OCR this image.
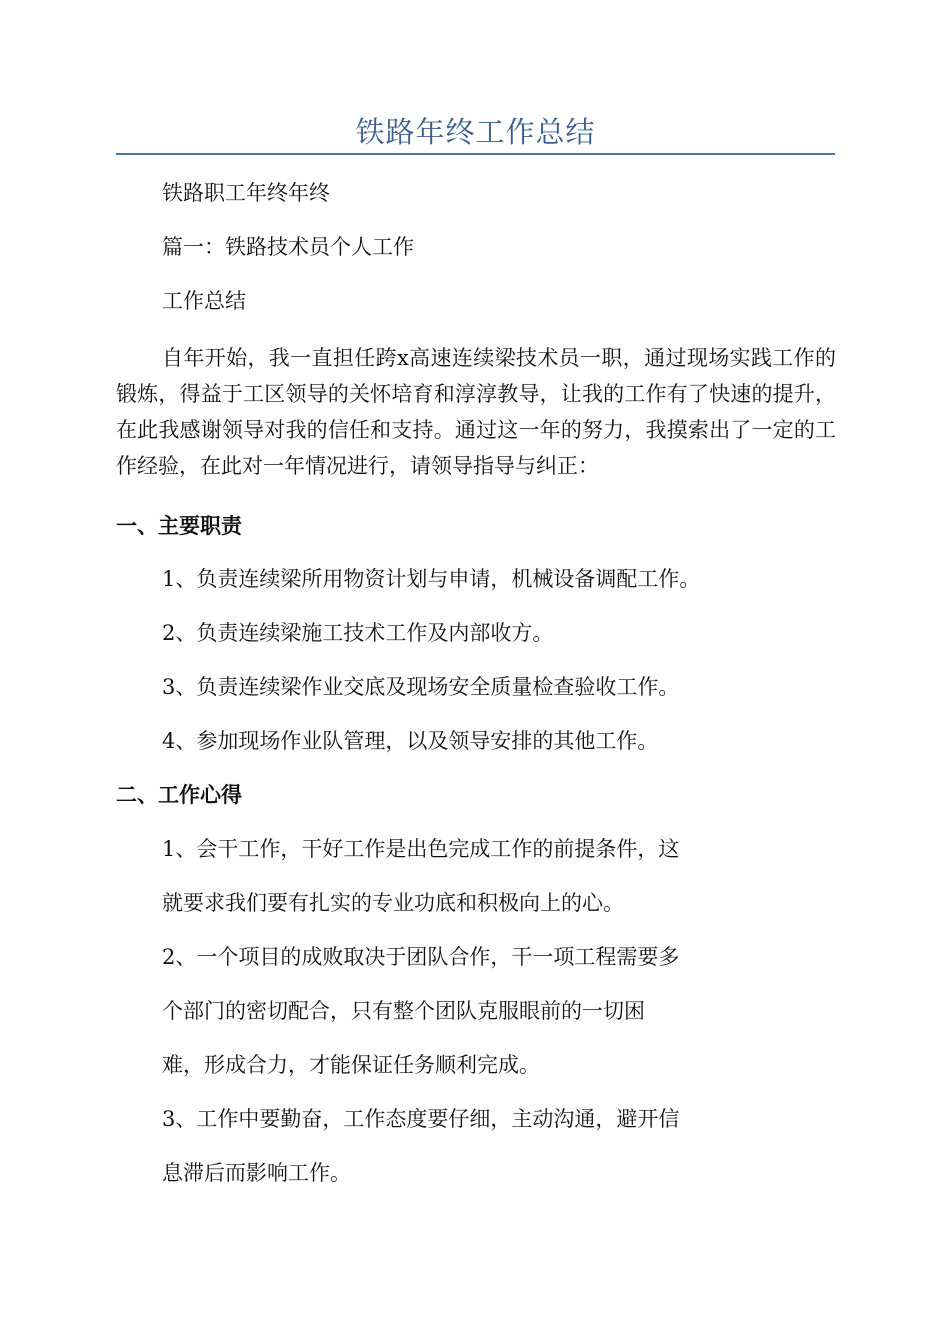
铁路年终工作总结
铁路职工年终年终
篇一：铁路技术员个人工作
工作总结

自年开始，我一直担任跨x高速连续梁技术员一职，通过现场实践工作的锻炼，得益于工区领导的关怀培育和淳淳教导，让我的工作有了快速的提升，在此我感谢领导对我的信任和支持。通过这一年的努力，我摸索出了一定的工作经验，在此对一年情况进行，请领导指导与纠正：

一、主要职责
1、负责连续梁所用物资计划与申请，机械设备调配工作。
2、负责连续梁施工技术工作及内部收方。
3、负责连续梁作业交底及现场安全质量检查验收工作。
4、参加现场作业队管理，以及领导安排的其他工作。
二、工作心得
1、会干工作，干好工作是出色完成工作的前提条件，这
就要求我们要有扎实的专业功底和积极向上的心。
2、一个项目的成败取决于团队合作，干一项工程需要多
个部门的密切配合，只有整个团队克服眼前的一切困
难，形成合力，才能保证任务顺利完成。
3、工作中要勤奋，工作态度要仔细，主动沟通，避开信
息滞后而影响工作。
